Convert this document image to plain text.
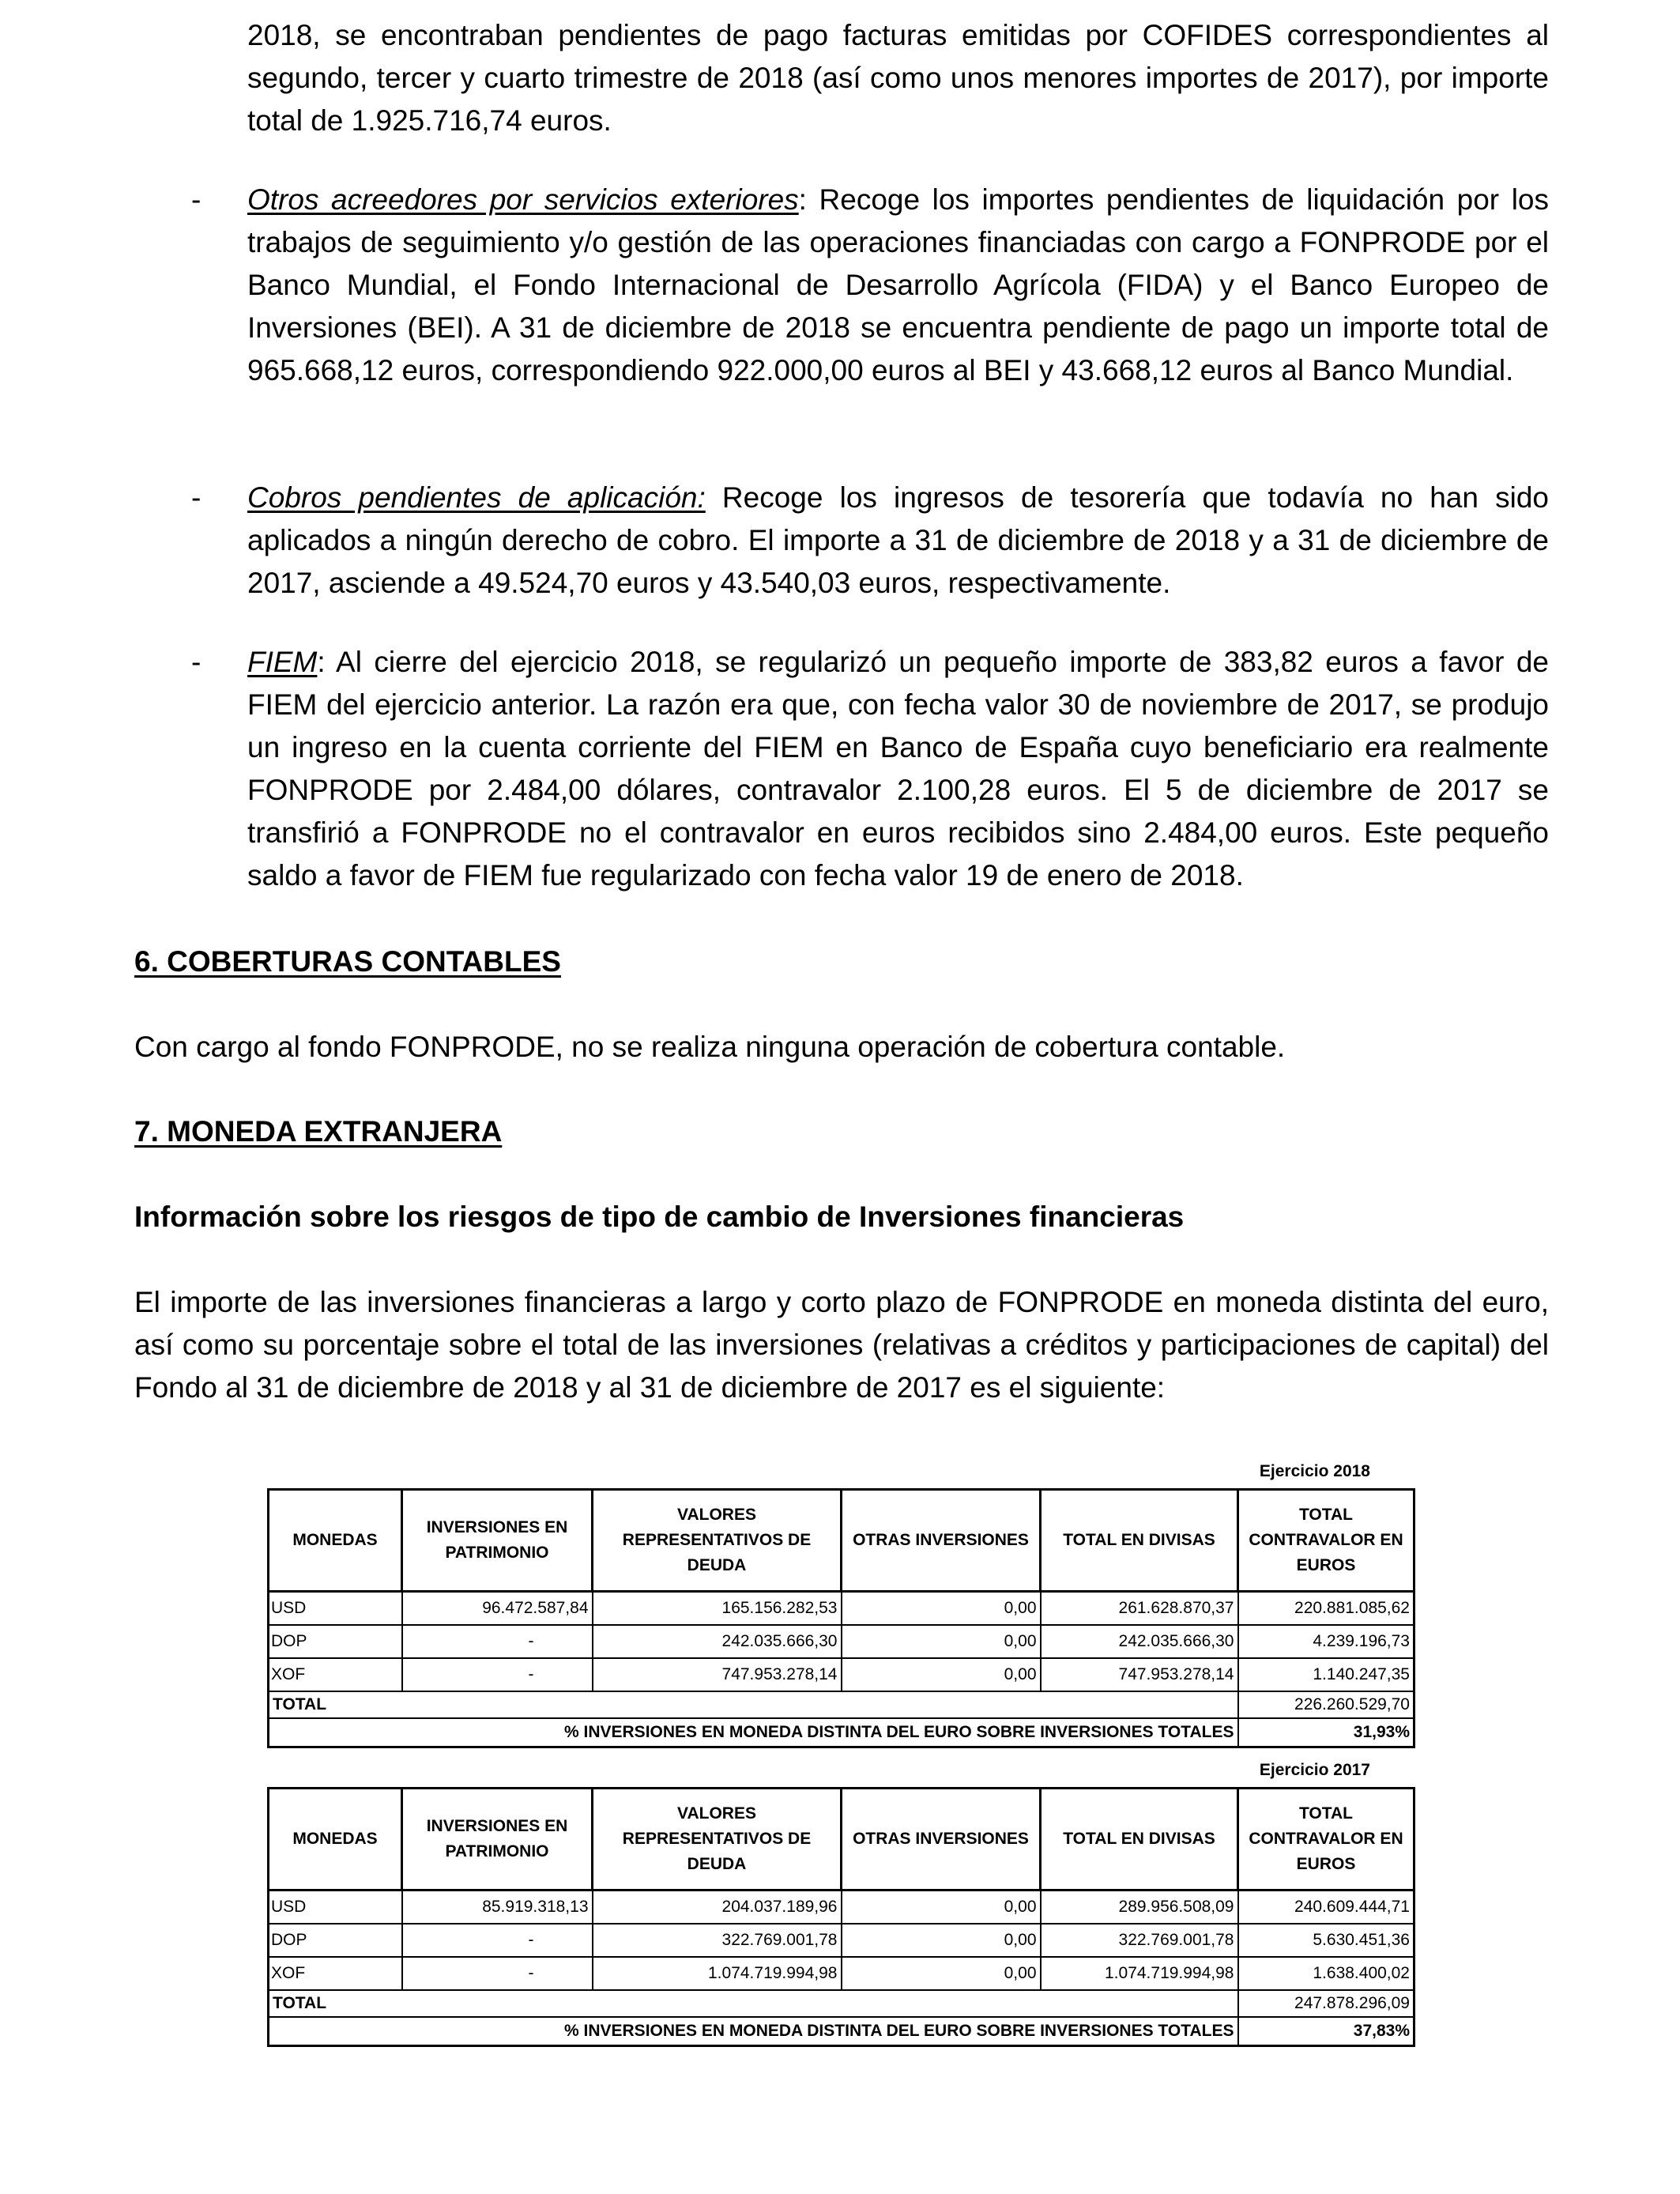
2018, se encontraban pendientes de pago facturas emitidas por COFIDES correspondientes al segundo, tercer y cuarto trimestre de 2018 (así como unos menores importes de 2017), por importe total de 1.925.716,74 euros.
- Otros acreedores por servicios exteriores: Recoge los importes pendientes de liquidación por los trabajos de seguimiento y/o gestión de las operaciones financiadas con cargo a FONPRODE por el Banco Mundial, el Fondo Internacional de Desarrollo Agrícola (FIDA) y el Banco Europeo de Inversiones (BEI). A 31 de diciembre de 2018 se encuentra pendiente de pago un importe total de 965.668,12 euros, correspondiendo 922.000,00 euros al BEI y 43.668,12 euros al Banco Mundial.
- Cobros pendientes de aplicación: Recoge los ingresos de tesorería que todavía no han sido aplicados a ningún derecho de cobro. El importe a 31 de diciembre de 2018 y a 31 de diciembre de 2017, asciende a 49.524,70 euros y 43.540,03 euros, respectivamente.
- FIEM: Al cierre del ejercicio 2018, se regularizó un pequeño importe de 383,82 euros a favor de FIEM del ejercicio anterior. La razón era que, con fecha valor 30 de noviembre de 2017, se produjo un ingreso en la cuenta corriente del FIEM en Banco de España cuyo beneficiario era realmente FONPRODE por 2.484,00 dólares, contravalor 2.100,28 euros. El 5 de diciembre de 2017 se transfirió a FONPRODE no el contravalor en euros recibidos sino 2.484,00 euros. Este pequeño saldo a favor de FIEM fue regularizado con fecha valor 19 de enero de 2018.
6. COBERTURAS CONTABLES
Con cargo al fondo FONPRODE, no se realiza ninguna operación de cobertura contable.
7. MONEDA EXTRANJERA
Información sobre los riesgos de tipo de cambio de Inversiones financieras
El importe de las inversiones financieras a largo y corto plazo de FONPRODE en moneda distinta del euro, así como su porcentaje sobre el total de las inversiones (relativas a créditos y participaciones de capital) del Fondo al 31 de diciembre de 2018 y al 31 de diciembre de 2017 es el siguiente:
Ejercicio 2018
MONEDAS	INVERSIONES EN PATRIMONIO	VALORES REPRESENTATIVOS DE DEUDA	OTRAS INVERSIONES	TOTAL EN DIVISAS	TOTAL CONTRAVALOR EN EUROS
USD	96.472.587,84	165.156.282,53	0,00	261.628.870,37	220.881.085,62
DOP	-	242.035.666,30	0,00	242.035.666,30	4.239.196,73
XOF	-	747.953.278,14	0,00	747.953.278,14	1.140.247,35
TOTAL					226.260.529,70
% INVERSIONES EN MONEDA DISTINTA DEL EURO SOBRE INVERSIONES TOTALES					31,93%
Ejercicio 2017
MONEDAS	INVERSIONES EN PATRIMONIO	VALORES REPRESENTATIVOS DE DEUDA	OTRAS INVERSIONES	TOTAL EN DIVISAS	TOTAL CONTRAVALOR EN EUROS
USD	85.919.318,13	204.037.189,96	0,00	289.956.508,09	240.609.444,71
DOP	-	322.769.001,78	0,00	322.769.001,78	5.630.451,36
XOF	-	1.074.719.994,98	0,00	1.074.719.994,98	1.638.400,02
TOTAL					247.878.296,09
% INVERSIONES EN MONEDA DISTINTA DEL EURO SOBRE INVERSIONES TOTALES					37,83%
